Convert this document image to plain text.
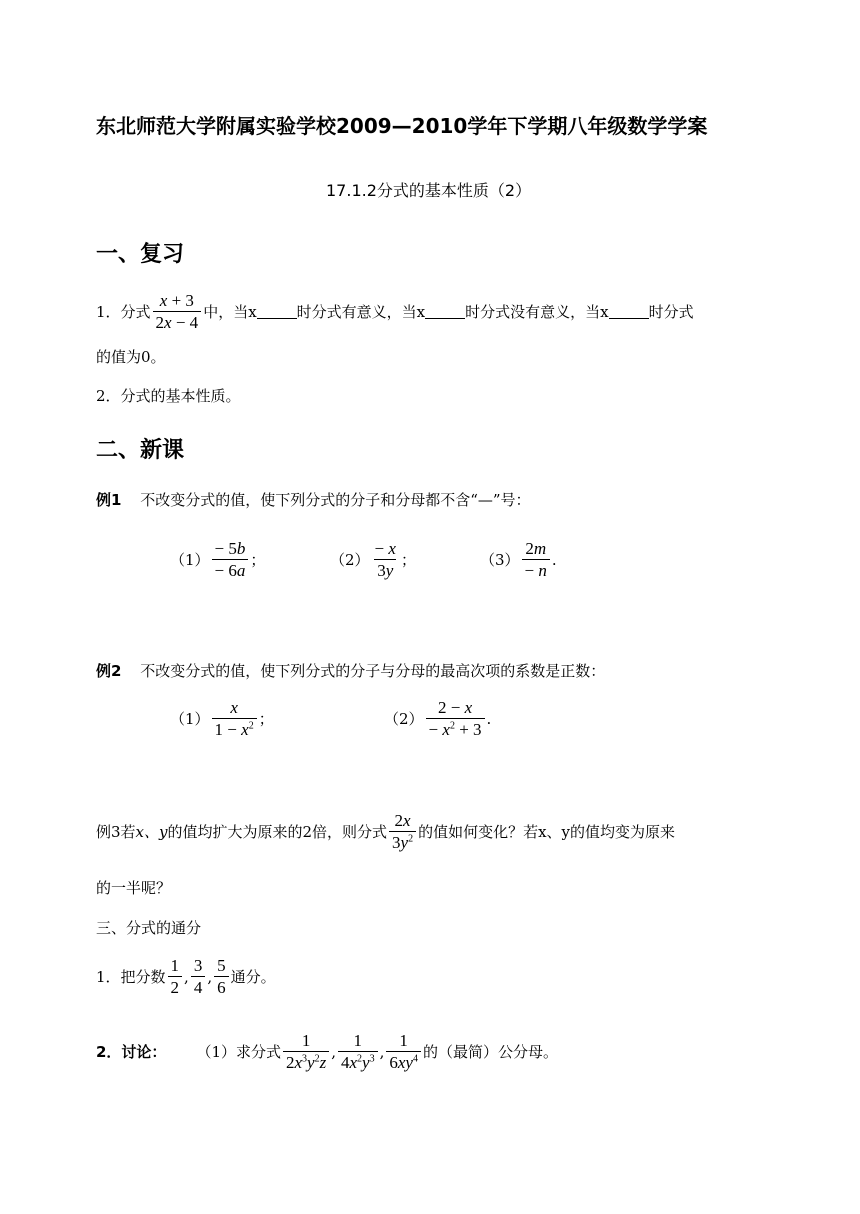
东北师范大学附属实验学校2009—2010学年下学期八年级数学学案
17.1.2分式的基本性质（2）
一、复习
1．分式 $\frac{x + 3}{2x - 4}$ 中，当x	时分式有意义，当x	时分式没有意义，当x	时分式
的值为0。
2．分式的基本性质。
二、新课
例1 不改变分式的值，使下列分式的分子和分母都不含“—”号：
$(1) \frac{- 5b}{- 6a}$ ；	$(2) \frac{- x}{3y}$ ；	$(3) \frac{2m}{- n}$ .
例2 不改变分式的值，使下列分式的分子与分母的最高次项的系数是正数：
$(1) \frac{x}{1 - x^2}$ ；	$(2) \frac{2 - x}{- x^2 + 3}$ .
例3若 x、y 的值均扩大为原来的2倍，则分式 $\frac{2x}{3y^2}$ 的值如何变化？若 x、y的值均变为原来
的一半呢？
三、分式的通分
1．把分数 $\frac{1}{2}$ , $\frac{3}{4}$ , $\frac{5}{6}$ 通分。
2．讨论： （1）求分式 $\frac{1}{2x^3y^2z}$ , $\frac{1}{4x^2y^3}$ , $\frac{1}{6xy^4}$ 的（最简）公分母。
